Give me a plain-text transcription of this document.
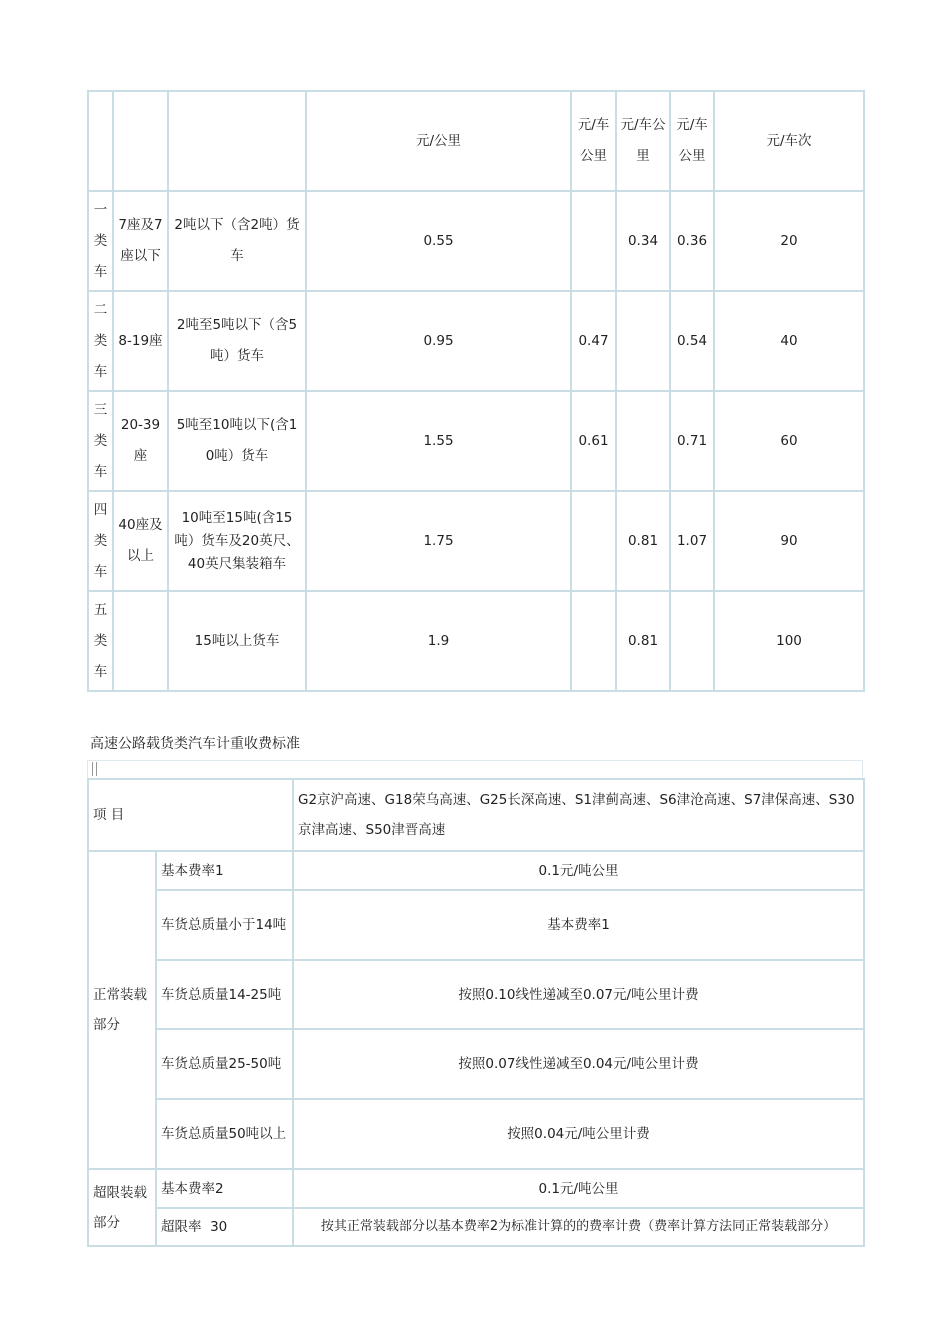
			元/公里	元/车公里	元/车公里	元/车公里	元/车次
一类车	7座及7座以下	2吨以下（含2吨）货车	0.55		0.34	0.36	20
二类车	8-19座	2吨至5吨以下（含5吨）货车	0.95	0.47		0.54	40
三类车	20-39座	5吨至10吨以下(含10吨）货车	1.55	0.61		0.71	60
四类车	40座及以上	10吨至15吨(含15吨）货车及20英尺、40英尺集装箱车	1.75		0.81	1.07	90
五类车		15吨以上货车	1.9		0.81		100
高速公路载货类汽车计重收费标准
项 目		G2京沪高速、G18荣乌高速、G25长深高速、S1津蓟高速、S6津沧高速、S7津保高速、S30京津高速、S50津晋高速
正常装载部分	基本费率1	0.1元/吨公里
	车货总质量小于14吨	基本费率1
	车货总质量14-25吨	按照0.10线性递减至0.07元/吨公里计费
	车货总质量25-50吨	按照0.07线性递减至0.04元/吨公里计费
	车货总质量50吨以上	按照0.04元/吨公里计费
超限装载部分	基本费率2	0.1元/吨公里
	超限率  30	按其正常装载部分以基本费率2为标准计算的的费率计费（费率计算方法同正常装载部分）
